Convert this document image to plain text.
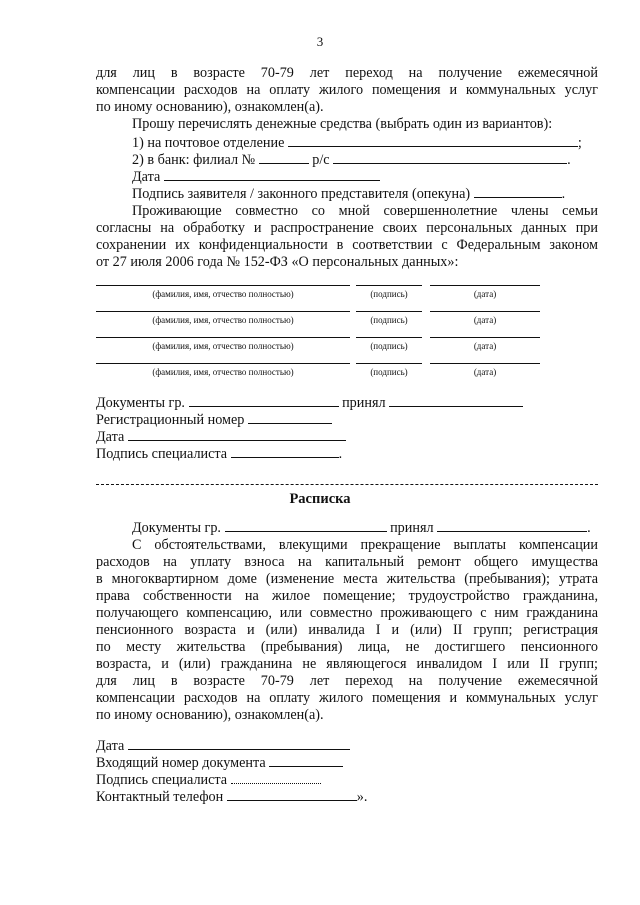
3
для лиц в возрасте 70-79 лет переход на получение ежемесячной
компенсации расходов на оплату жилого помещения и коммунальных услуг
по иному основанию), ознакомлен(а).
Прошу перечислять денежные средства (выбрать один из вариантов):
1) на почтовое отделение	;
2) в банк: филиал №	р/с	.
Дата
Подпись заявителя / законного представителя (опекуна)	.
Проживающие совместно со мной совершеннолетние члены семьи
согласны на обработку и распространение своих персональных данных при
сохранении их конфиденциальности в соответствии с Федеральным законом
от 27 июля 2006 года № 152-ФЗ «О персональных данных»:
(фамилия, имя, отчество полностью)	(подпись)	(дата)
(фамилия, имя, отчество полностью)	(подпись)	(дата)
(фамилия, имя, отчество полностью)	(подпись)	(дата)
(фамилия, имя, отчество полностью)	(подпись)	(дата)
Документы гр.	принял
Регистрационный номер
Дата
Подпись специалиста	.
Расписка
Документы гр.	принял	.
С обстоятельствами, влекущими прекращение выплаты компенсации
расходов на уплату взноса на капитальный ремонт общего имущества
в многоквартирном доме (изменение места жительства (пребывания); утрата
права собственности на жилое помещение; трудоустройство гражданина,
получающего компенсацию, или совместно проживающего с ним гражданина
пенсионного возраста и (или) инвалида I и (или) II групп; регистрация
по месту жительства (пребывания) лица, не достигшего пенсионного
возраста, и (или) гражданина не являющегося инвалидом I или II групп;
для лиц в возрасте 70-79 лет переход на получение ежемесячной
компенсации расходов на оплату жилого помещения и коммунальных услуг
по иному основанию), ознакомлен(а).
Дата
Входящий номер документа
Подпись специалиста
Контактный телефон	».
